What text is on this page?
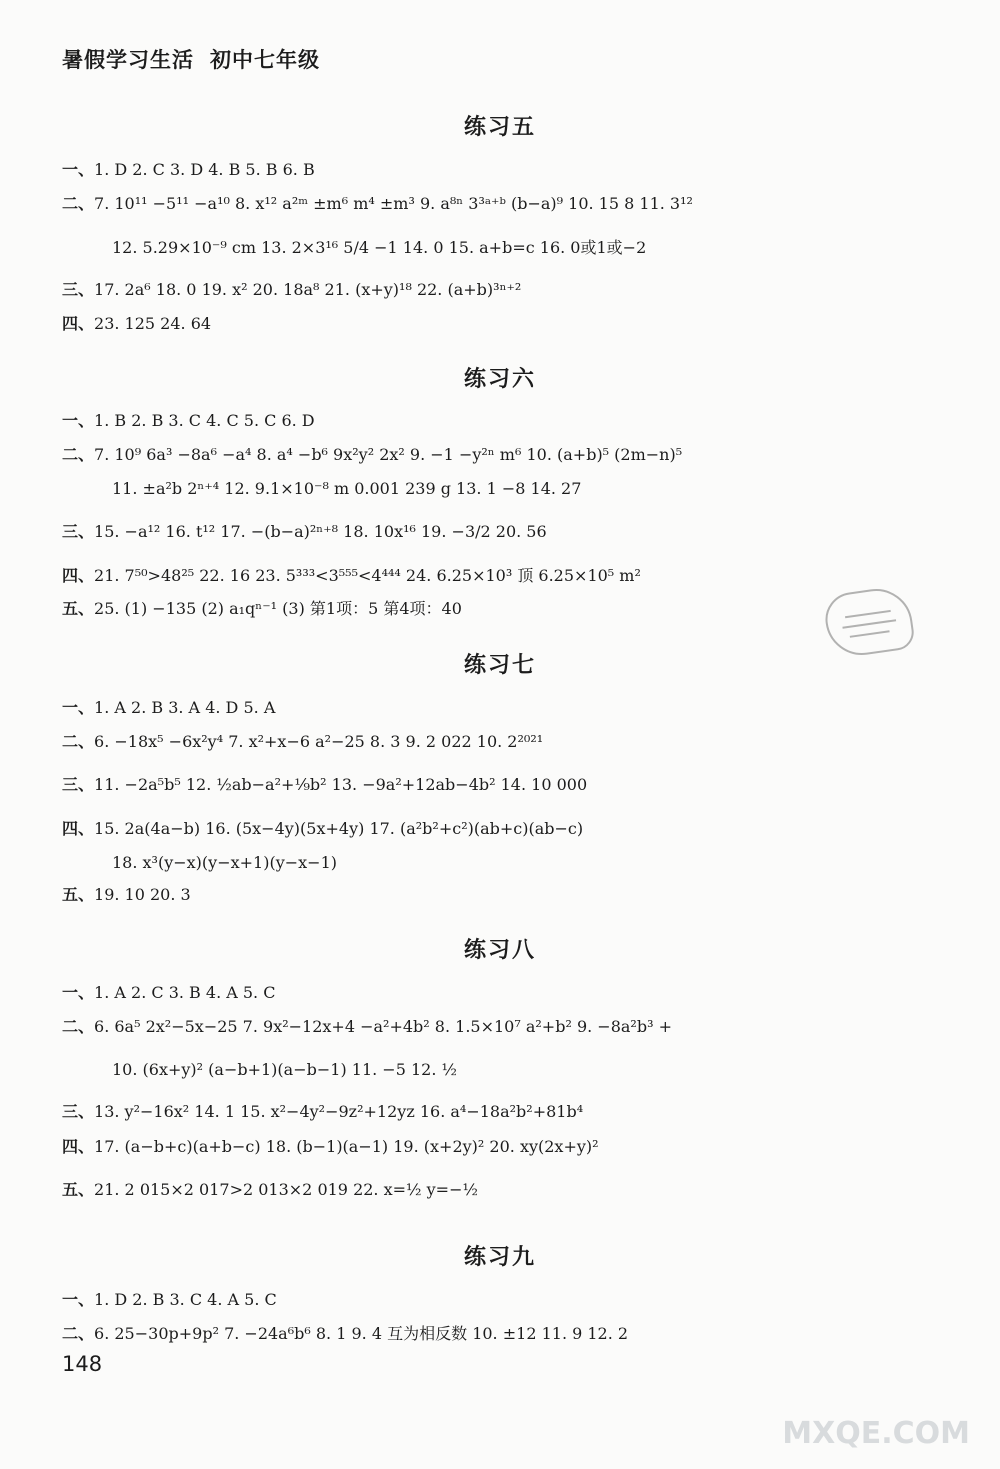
暑假学习生活 初中七年级
练习五
一、1. D 2. C 3. D 4. B 5. B 6. B
二、7. 10¹¹ −5¹¹ −a¹⁰ 8. x¹² a²ᵐ ±m⁶ m⁴ ±m³ 9. a⁸ⁿ 3³ᵃ⁺ᵇ (b−a)⁹ 10. 15 8 11. 3¹²
12. 5.29×10⁻⁹ cm 13. 2×3¹⁶ 5/4 −1 14. 0 15. a+b=c 16. 0或1或−2
三、17. 2a⁶ 18. 0 19. x² 20. 18a⁸ 21. (x+y)¹⁸ 22. (a+b)³ⁿ⁺²
四、23. 125 24. 64
练习六
一、1. B 2. B 3. C 4. C 5. C 6. D
二、7. 10⁹ 6a³ −8a⁶ −a⁴ 8. a⁴ −b⁶ 9x²y² 2x² 9. −1 −y²ⁿ m⁶ 10. (a+b)⁵ (2m−n)⁵
11. ±a²b 2ⁿ⁺⁴ 12. 9.1×10⁻⁸ m 0.001 239 g 13. 1 −8 14. 27
三、15. −a¹² 16. t¹² 17. −(b−a)²ⁿ⁺⁸ 18. 10x¹⁶ 19. −3/2 20. 56
四、21. 7⁵⁰>48²⁵ 22. 16 23. 5³³³<3⁵⁵⁵<4⁴⁴⁴ 24. 6.25×10³ 顶 6.25×10⁵ m²
五、25. (1) −135 (2) a₁qⁿ⁻¹ (3) 第1项：5 第4项：40
练习七
一、1. A 2. B 3. A 4. D 5. A
二、6. −18x⁵ −6x²y⁴ 7. x²+x−6 a²−25 8. 3 9. 2 022 10. 2²⁰²¹
三、11. −2a⁵b⁵ 12. ½ab−a²+⅑b² 13. −9a²+12ab−4b² 14. 10 000
四、15. 2a(4a−b) 16. (5x−4y)(5x+4y) 17. (a²b²+c²)(ab+c)(ab−c)
18. x³(y−x)(y−x+1)(y−x−1)
五、19. 10 20. 3
练习八
一、1. A 2. C 3. B 4. A 5. C
二、6. 6a⁵ 2x²−5x−25 7. 9x²−12x+4 −a²+4b² 8. 1.5×10⁷ a²+b² 9. −8a²b³ +
10. (6x+y)² (a−b+1)(a−b−1) 11. −5 12. ½
三、13. y²−16x² 14. 1 15. x²−4y²−9z²+12yz 16. a⁴−18a²b²+81b⁴
四、17. (a−b+c)(a+b−c) 18. (b−1)(a−1) 19. (x+2y)² 20. xy(2x+y)²
五、21. 2 015×2 017>2 013×2 019 22. x=½ y=−½
练习九
一、1. D 2. B 3. C 4. A 5. C
二、6. 25−30p+9p² 7. −24a⁶b⁶ 8. 1 9. 4 互为相反数 10. ±12 11. 9 12. 2
148
MXQE.COM
